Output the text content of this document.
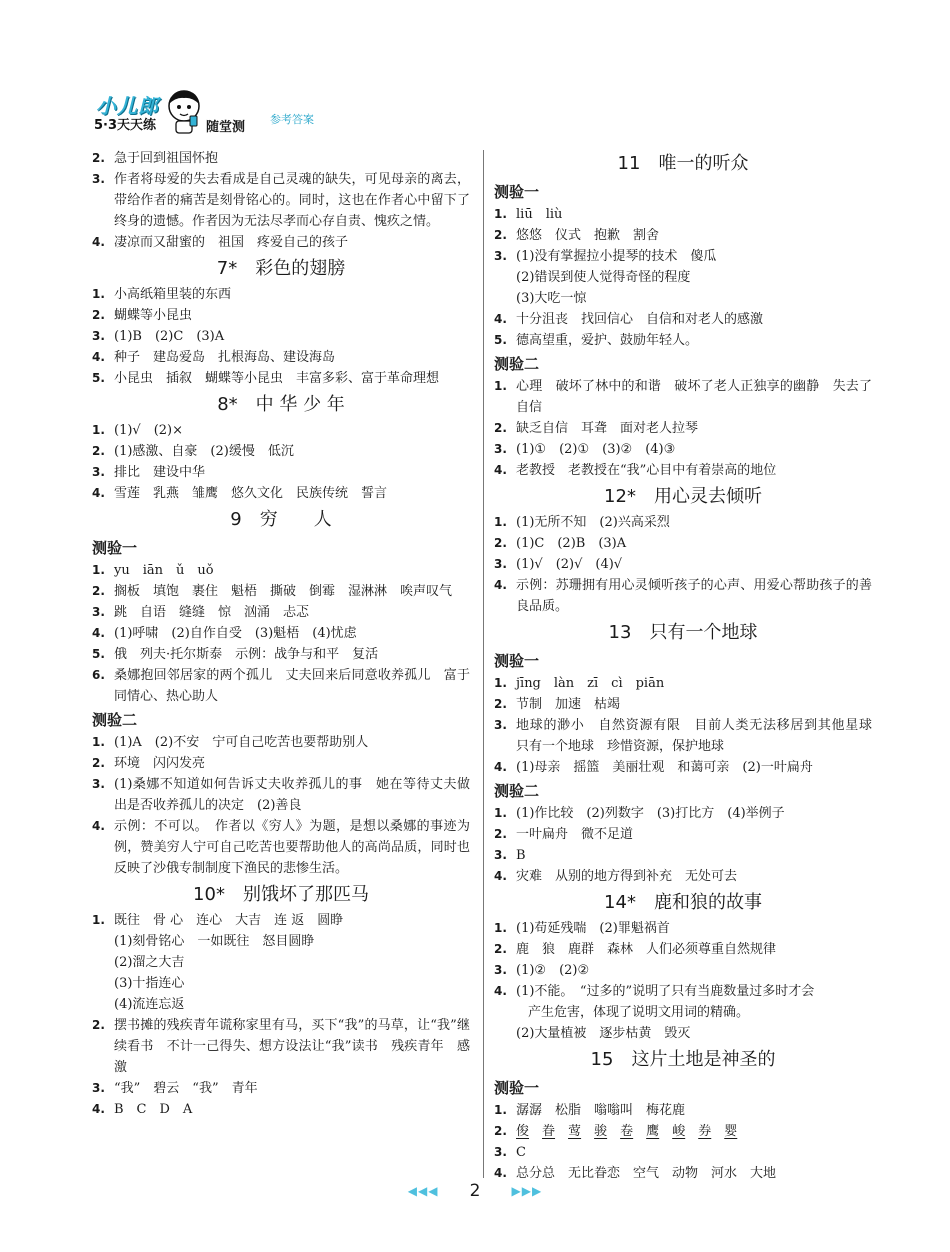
小儿郎
5·3天天练	随堂测
参考答案
2. 急于回到祖国怀抱
3. 作者将母爱的失去看成是自己灵魂的缺失，可见母亲的离去，带给作者的痛苦是刻骨铭心的。同时，这也在作者心中留下了终身的遗憾。作者因为无法尽孝而心存自责、愧疚之情。
4. 凄凉而又甜蜜的　祖国　疼爱自己的孩子
7*　彩色的翅膀
1. 小高纸箱里装的东西
2. 蝴蝶等小昆虫
3. (1)B　(2)C　(3)A
4. 种子　建岛爱岛　扎根海岛、建设海岛
5. 小昆虫　插叙　蝴蝶等小昆虫　丰富多彩、富于革命理想
8*　中 华 少 年
1. (1)√　(2)×
2. (1)感激、自豪　(2)缓慢　低沉
3. 排比　建设中华
4. 雪莲　乳燕　雏鹰　悠久文化　民族传统　誓言
9　穷　　人
测验一
1. yu　iān　ǔ　uǒ
2. 搁板　填饱　裹住　魁梧　撕破　倒霉　湿淋淋　唉声叹气
3. 跳　自语　缝缝　惊　汹涌　忐忑
4. (1)呼啸　(2)自作自受　(3)魁梧　(4)忧虑
5. 俄　列夫·托尔斯泰　示例：战争与和平　复活
6. 桑娜抱回邻居家的两个孤儿　丈夫回来后同意收养孤儿　富于同情心、热心助人
测验二
1. (1)A　(2)不安　宁可自己吃苦也要帮助别人
2. 环境　闪闪发亮
3. (1)桑娜不知道如何告诉丈夫收养孤儿的事　她在等待丈夫做出是否收养孤儿的决定　(2)善良
4. 示例：不可以。　作者以《穷人》为题，是想以桑娜的事迹为例，赞美穷人宁可自己吃苦也要帮助他人的高尚品质，同时也反映了沙俄专制制度下渔民的悲惨生活。
10*　别饿坏了那匹马
1. 既往　骨 心　连心　大吉　连 返　圆睁
(1)刻骨铭心　一如既往　怒目圆睁
(2)溜之大吉
(3)十指连心
(4)流连忘返
2. 摆书摊的残疾青年谎称家里有马，买下“我”的马草，让“我”继续看书　不计一己得失、想方设法让“我”读书　残疾青年　感激
3. “我”　碧云　“我”　青年
4. B　C　D　A
11　唯一的听众
测验一
1. liū　liù
2. 悠悠　仪式　抱歉　割舍
3. (1)没有掌握拉小提琴的技术　傻瓜
(2)错误到使人觉得奇怪的程度
(3)大吃一惊
4. 十分沮丧　找回信心　自信和对老人的感激
5. 德高望重，爱护、鼓励年轻人。
测验二
1. 心理　破坏了林中的和谐　破坏了老人正独享的幽静　失去了自信
2. 缺乏自信　耳聋　面对老人拉琴
3. (1)①　(2)①　(3)②　(4)③
4. 老教授　老教授在“我”心目中有着崇高的地位
12*　用心灵去倾听
1. (1)无所不知　(2)兴高采烈
2. (1)C　(2)B　(3)A
3. (1)√　(2)√　(4)√
4. 示例：苏珊拥有用心灵倾听孩子的心声、用爱心帮助孩子的善良品质。
13　只有一个地球
测验一
1. jīng　làn　zī　cì　piān
2. 节制　加速　枯竭
3. 地球的渺小　自然资源有限　目前人类无法移居到其他星球　只有一个地球　珍惜资源，保护地球
4. (1)母亲　摇篮　美丽壮观　和蔼可亲　(2)一叶扁舟
测验二
1. (1)作比较　(2)列数字　(3)打比方　(4)举例子
2. 一叶扁舟　微不足道
3. B
4. 灾难　从别的地方得到补充　无处可去
14*　鹿和狼的故事
1. (1)苟延残喘　(2)罪魁祸首
2. 鹿　狼　鹿群　森林　人们必须尊重自然规律
3. (1)②　(2)②
4. (1)不能。　“过多的”说明了只有当鹿数量过多时才会
产生危害，体现了说明文用词的精确。
(2)大量植被　逐步枯黄　毁灭
15　这片土地是神圣的
测验一
1. 潺潺　松脂　嗡嗡叫　梅花鹿
2. 俊　 眷　 莺　 骏　 卷　 鹰　 峻　 券　 婴
3. C
4. 总分总　无比眷恋　空气　动物　河水　大地
◀◀◀ 2	▶▶▶
